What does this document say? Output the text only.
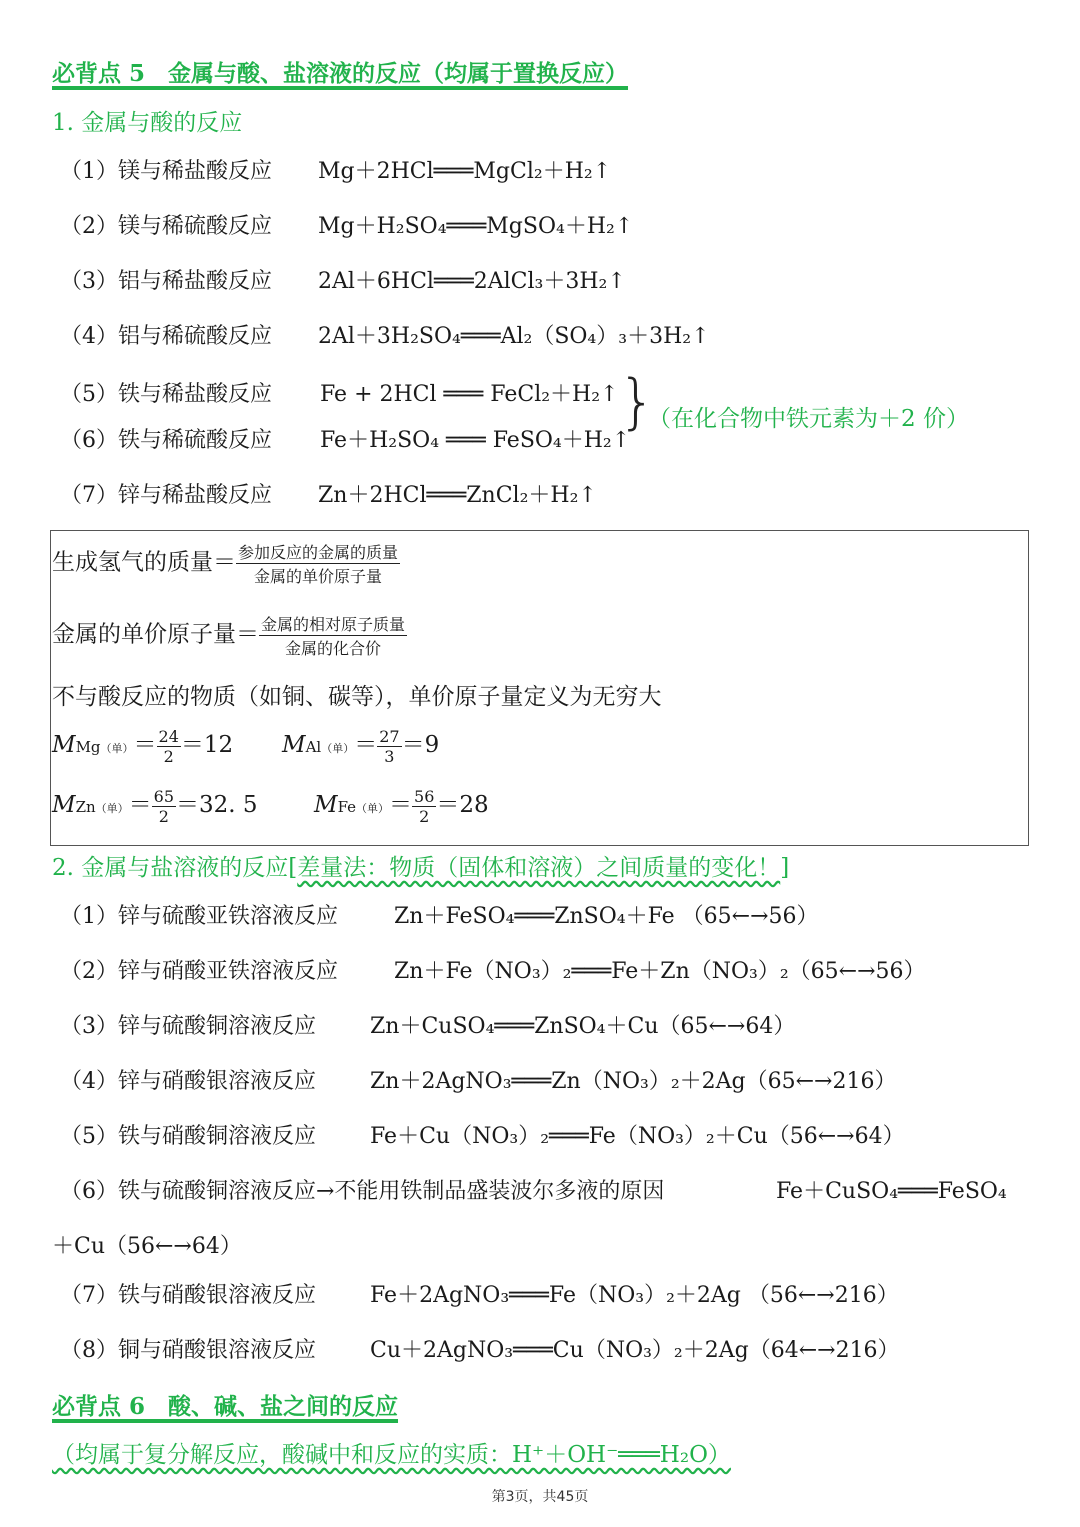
必背点 5　金属与酸、盐溶液的反应（均属于置换反应）
1. 金属与酸的反应
（1）镁与稀盐酸反应 Mg＋2HCl═══MgCl₂＋H₂↑
（2）镁与稀硫酸反应 Mg＋H₂SO₄═══MgSO₄＋H₂↑
（3）铝与稀盐酸反应 2Al＋6HCl═══2AlCl₃＋3H₂↑
（4）铝与稀硫酸反应 2Al＋3H₂SO₄═══Al₂（SO₄）₃＋3H₂↑
（5）铁与稀盐酸反应 Fe + 2HCl ═══ FeCl₂＋H₂↑
（6）铁与稀硫酸反应 Fe＋H₂SO₄ ═══ FeSO₄＋H₂↑
}
（在化合物中铁元素为＋2 价）
（7）锌与稀盐酸反应 Zn＋2HCl═══ZnCl₂＋H₂↑
生成氢气的质量＝ $\frac{\text{参加反应的金属的质量}}{\text{金属的单价原子量}}$
金属的单价原子量＝ $\frac{\text{金属的相对原子质量}}{\text{金属的化合价}}$
不与酸反应的物质（如铜、碳等），单价原子量定义为无穷大
MMg（单）＝ $\frac{24}{2} =12$ MAl（单）＝ $\frac{27}{3} =9$
MZn（单）＝ $\frac{65}{2} =32$. 5 MFe（单）＝ $\frac{56}{2} =28$
2. 金属与盐溶液的反应[差量法：物质（固体和溶液）之间质量的变化！]
（1）锌与硫酸亚铁溶液反应	Zn＋FeSO₄═══ZnSO₄＋Fe （65←→56）
（2）锌与硝酸亚铁溶液反应	Zn＋Fe（NO₃）₂═══Fe＋Zn（NO₃）₂（65←→56）
（3）锌与硫酸铜溶液反应 Zn＋CuSO₄═══ZnSO₄＋Cu（65←→64）
（4）锌与硝酸银溶液反应 Zn＋2AgNO₃═══Zn（NO₃）₂＋2Ag（65←→216）
（5）铁与硝酸铜溶液反应 Fe＋Cu（NO₃）₂═══Fe（NO₃）₂＋Cu（56←→64）
（6）铁与硫酸铜溶液反应→不能用铁制品盛装波尔多液的原因	Fe＋CuSO₄═══FeSO₄
＋Cu（56←→64）
（7）铁与硝酸银溶液反应 Fe＋2AgNO₃═══Fe（NO₃）₂＋2Ag （56←→216）
（8）铜与硝酸银溶液反应 Cu＋2AgNO₃═══Cu（NO₃）₂＋2Ag（64←→216）
必背点 6　酸、碱、盐之间的反应
（均属于复分解反应，酸碱中和反应的实质：H⁺＋OH⁻═══H₂O）
第3页，共45页
